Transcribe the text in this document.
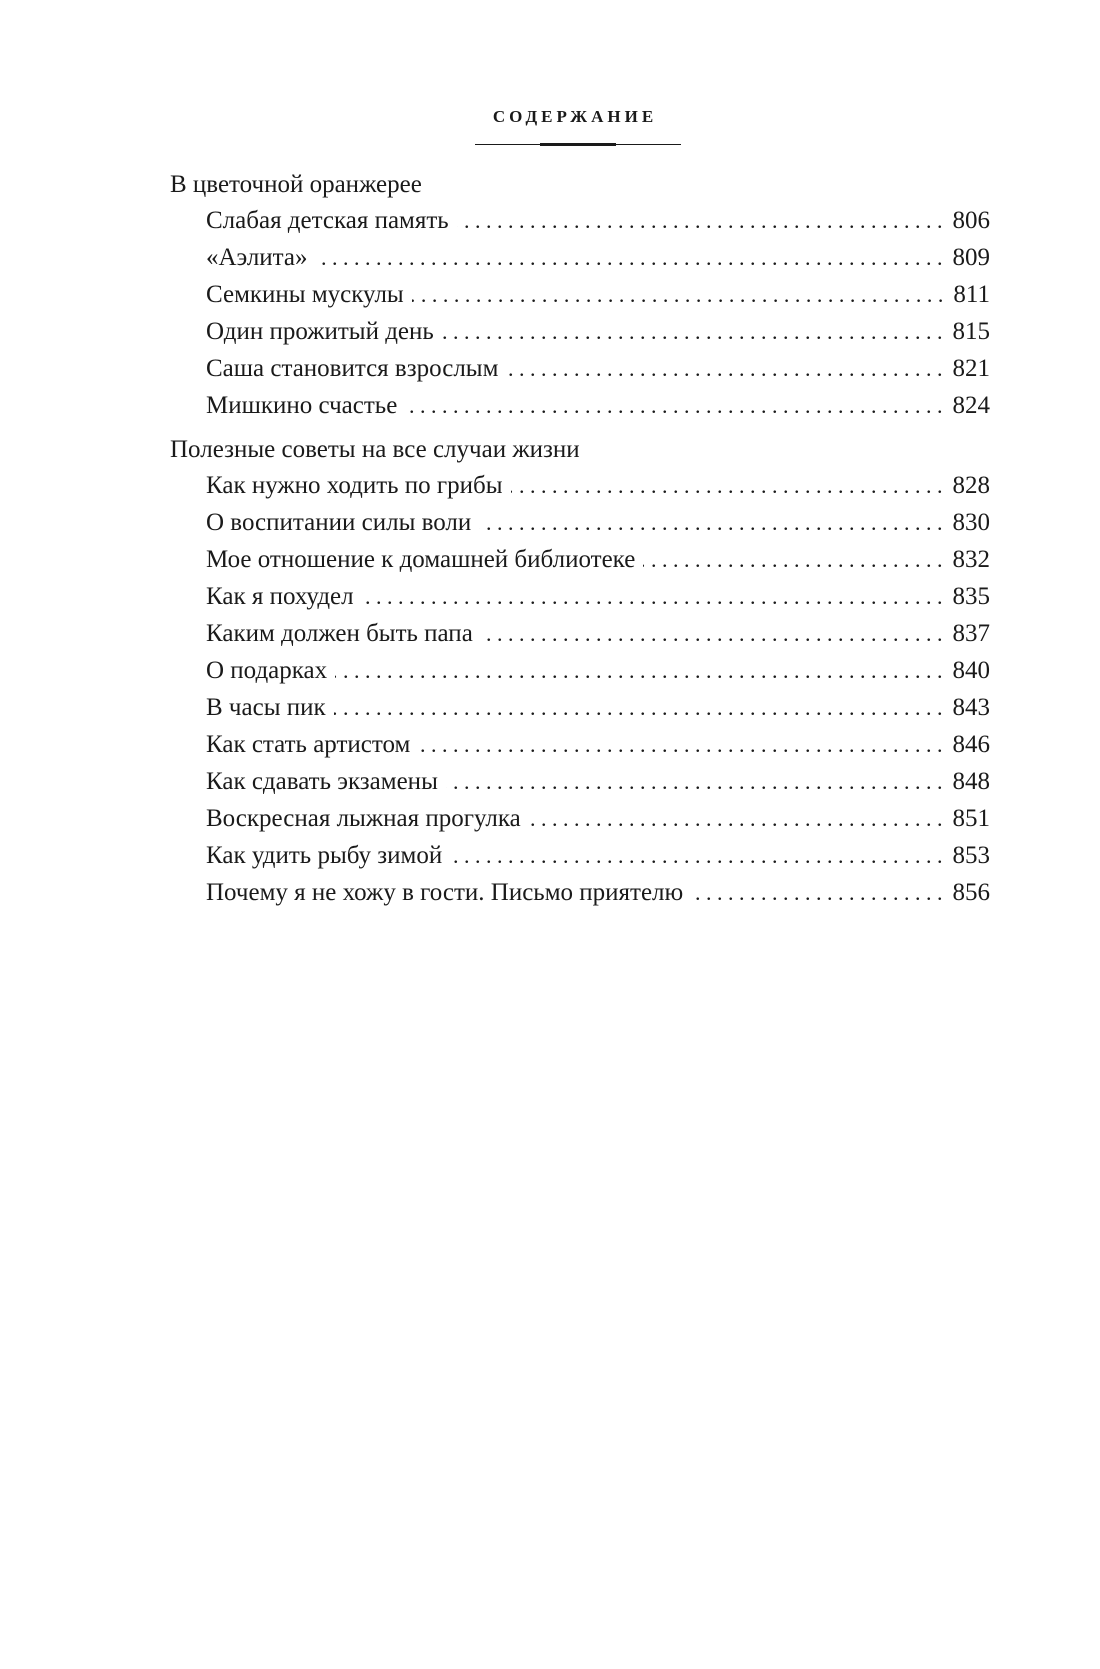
СОДЕРЖАНИЕ
В цветочной оранжерее
Слабая детская память . . .	806
«Аэлита» . . .	809
Семкины мускулы . . .	811
Один прожитый день . . .	815
Саша становится взрослым . . .	821
Мишкино счастье . . .	824
Полезные советы на все случаи жизни
Как нужно ходить по грибы . . .	828
О воспитании силы воли . . .	830
Мое отношение к домашней библиотеке . . .	832
Как я похудел . . .	835
Каким должен быть папа . . .	837
О подарках . . .	840
В часы пик . . .	843
Как стать артистом . . .	846
Как сдавать экзамены . . .	848
Воскресная лыжная прогулка . . .	851
Как удить рыбу зимой . . .	853
Почему я не хожу в гости. Письмо приятелю . . .	856
